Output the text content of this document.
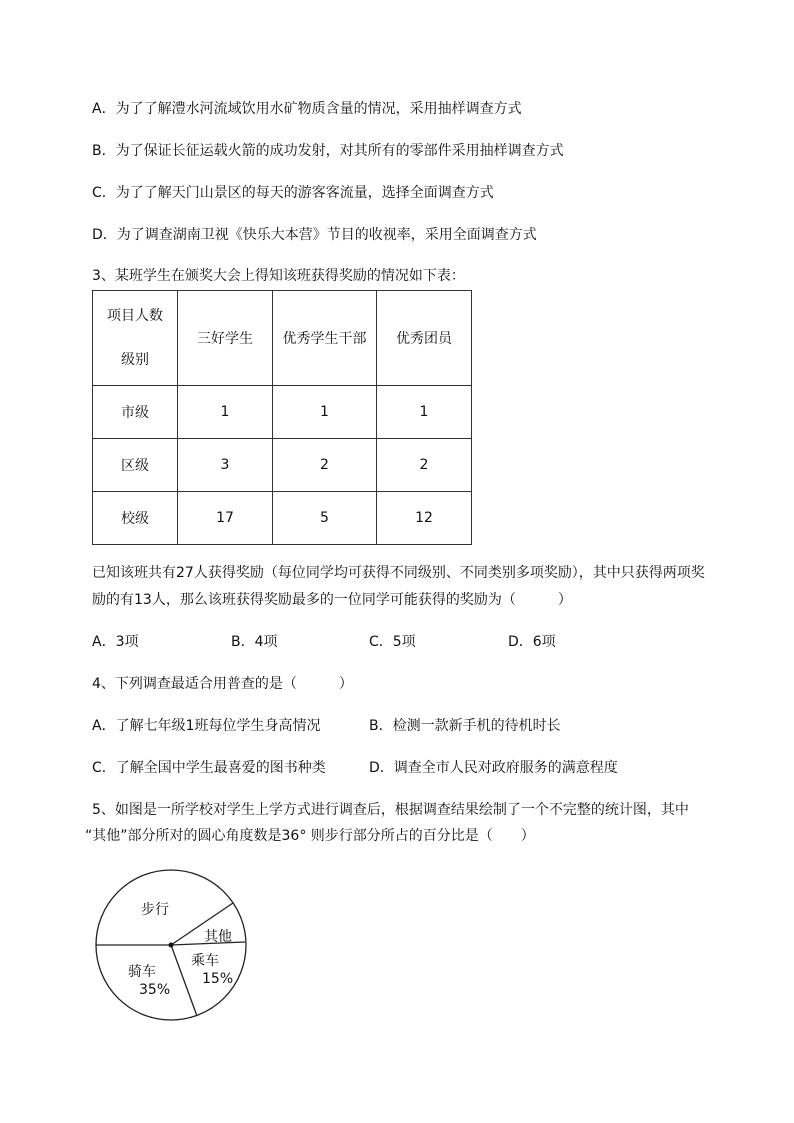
A．为了了解澧水河流域饮用水矿物质含量的情况，采用抽样调查方式
B．为了保证长征运载火箭的成功发射，对其所有的零部件采用抽样调查方式
C．为了了解天门山景区的每天的游客客流量，选择全面调查方式
D．为了调查湖南卫视《快乐大本营》节目的收视率，采用全面调查方式
3、某班学生在颁奖大会上得知该班获得奖励的情况如下表：
项目人数
级别	三好学生	优秀学生干部	优秀团员
市级	1	1	1
区级	3	2	2
校级	17	5	12
已知该班共有27人获得奖励（每位同学均可获得不同级别、不同类别多项奖励），其中只获得两项奖
励的有13人，那么该班获得奖励最多的一位同学可能获得的奖励为（　　　）
A．3项	B．4项	C．5项	D．6项
4、下列调查最适合用普查的是（　　　）
A．了解七年级1班每位学生身高情况	B．检测一款新手机的待机时长
C．了解全国中学生最喜爱的图书种类	D．调查全市人民对政府服务的满意程度
5、如图是一所学校对学生上学方式进行调查后，根据调查结果绘制了一个不完整的统计图，其中
“其他”部分所对的圆心角度数是36° 则步行部分所占的百分比是（　　）
步行
其他
乘车
15%
骑车
35%
